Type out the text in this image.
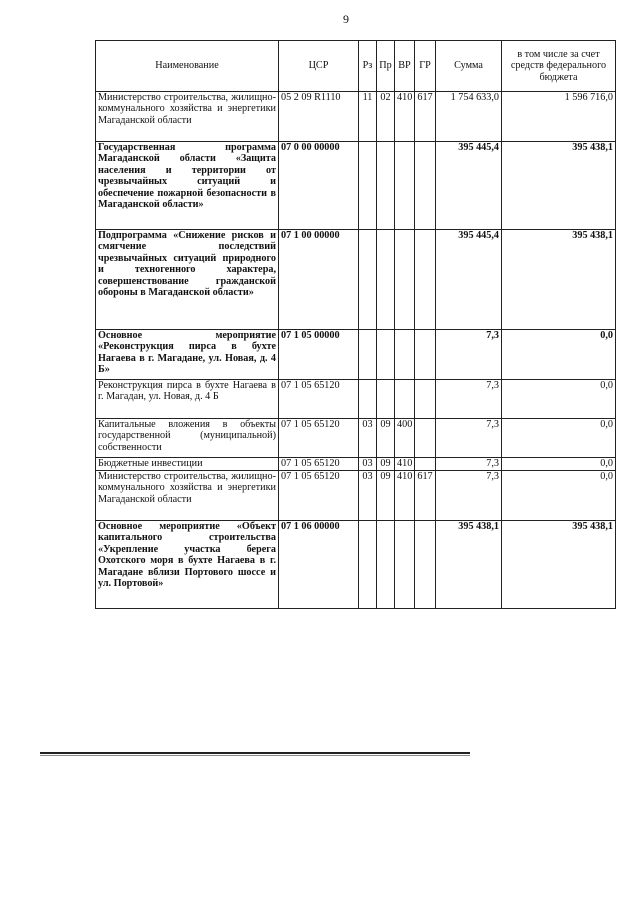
9
Наименование	ЦСР	Рз	Пр	ВР	ГР	Сумма	в том числе за счет средств федерального бюджета
Министерство строительства, жилищно-коммунального хозяйства и энергетики Магаданской области	05 2 09 R1110	11	02	410	617	1 754 633,0	1 596 716,0
Государственная программа Магаданской области «Защита населения и территории от чрезвычайных ситуаций и обеспечение пожарной безопасности в Магаданской области»	07 0 00 00000					395 445,4	395 438,1
Подпрограмма «Снижение рисков и смягчение последствий чрезвычайных ситуаций природного и техногенного характера, совершенствование гражданской обороны в Магаданской области»	07 1 00 00000					395 445,4	395 438,1
Основное мероприятие «Реконструкция пирса в бухте Нагаева в г. Магадане, ул. Новая, д. 4 Б»	07 1 05 00000					7,3	0,0
Реконструкция пирса в бухте Нагаева в г. Магадан, ул. Новая, д. 4 Б	07 1 05 65120					7,3	0,0
Капитальные вложения в объекты государственной (муниципальной) собственности	07 1 05 65120	03	09	400		7,3	0,0
Бюджетные инвестиции	07 1 05 65120	03	09	410		7,3	0,0
Министерство строительства, жилищно-коммунального хозяйства и энергетики Магаданской области	07 1 05 65120	03	09	410	617	7,3	0,0
Основное мероприятие «Объект капитального строительства «Укрепление участка берега Охотского моря в бухте Нагаева в г. Магадане вблизи Портового шоссе и ул. Портовой»	07 1 06 00000					395 438,1	395 438,1
